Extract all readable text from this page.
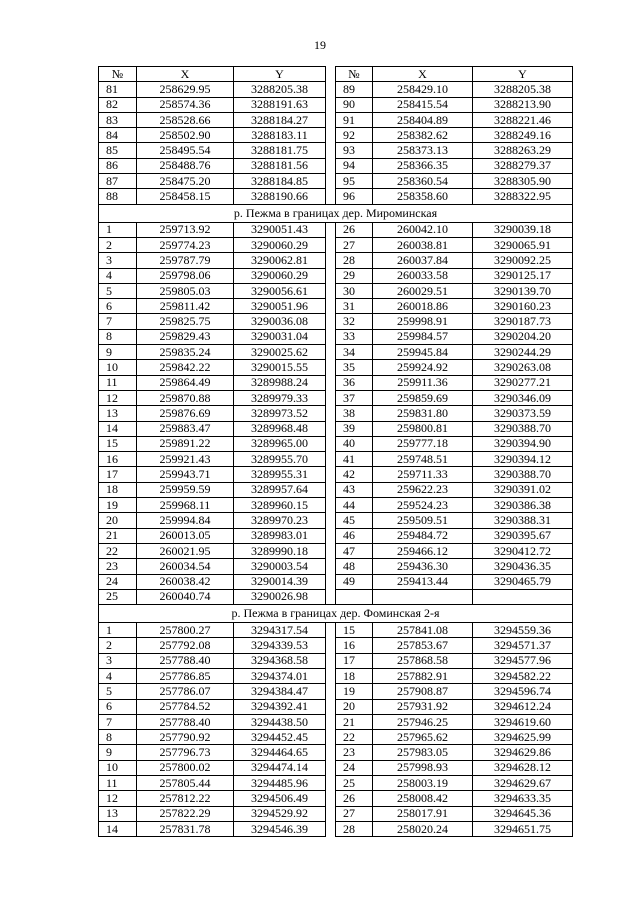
19
№	X	Y		№	X	Y
81	258629.95	3288205.38		89	258429.10	3288205.38
82	258574.36	3288191.63		90	258415.54	3288213.90
83	258528.66	3288184.27		91	258404.89	3288221.46
84	258502.90	3288183.11		92	258382.62	3288249.16
85	258495.54	3288181.75		93	258373.13	3288263.29
86	258488.76	3288181.56		94	258366.35	3288279.37
87	258475.20	3288184.85		95	258360.54	3288305.90
88	258458.15	3288190.66		96	258358.60	3288322.95
р. Пежма в границах дер. Мироминская						
1	259713.92	3290051.43		26	260042.10	3290039.18
2	259774.23	3290060.29		27	260038.81	3290065.91
3	259787.79	3290062.81		28	260037.84	3290092.25
4	259798.06	3290060.29		29	260033.58	3290125.17
5	259805.03	3290056.61		30	260029.51	3290139.70
6	259811.42	3290051.96		31	260018.86	3290160.23
7	259825.75	3290036.08		32	259998.91	3290187.73
8	259829.43	3290031.04		33	259984.57	3290204.20
9	259835.24	3290025.62		34	259945.84	3290244.29
10	259842.22	3290015.55		35	259924.92	3290263.08
11	259864.49	3289988.24		36	259911.36	3290277.21
12	259870.88	3289979.33		37	259859.69	3290346.09
13	259876.69	3289973.52		38	259831.80	3290373.59
14	259883.47	3289968.48		39	259800.81	3290388.70
15	259891.22	3289965.00		40	259777.18	3290394.90
16	259921.43	3289955.70		41	259748.51	3290394.12
17	259943.71	3289955.31		42	259711.33	3290388.70
18	259959.59	3289957.64		43	259622.23	3290391.02
19	259968.11	3289960.15		44	259524.23	3290386.38
20	259994.84	3289970.23		45	259509.51	3290388.31
21	260013.05	3289983.01		46	259484.72	3290395.67
22	260021.95	3289990.18		47	259466.12	3290412.72
23	260034.54	3290003.54		48	259436.30	3290436.35
24	260038.42	3290014.39		49	259413.44	3290465.79
25	260040.74	3290026.98				
р. Пежма в границах дер. Фоминская 2-я						
1	257800.27	3294317.54		15	257841.08	3294559.36
2	257792.08	3294339.53		16	257853.67	3294571.37
3	257788.40	3294368.58		17	257868.58	3294577.96
4	257786.85	3294374.01		18	257882.91	3294582.22
5	257786.07	3294384.47		19	257908.87	3294596.74
6	257784.52	3294392.41		20	257931.92	3294612.24
7	257788.40	3294438.50		21	257946.25	3294619.60
8	257790.92	3294452.45		22	257965.62	3294625.99
9	257796.73	3294464.65		23	257983.05	3294629.86
10	257800.02	3294474.14		24	257998.93	3294628.12
11	257805.44	3294485.96		25	258003.19	3294629.67
12	257812.22	3294506.49		26	258008.42	3294633.35
13	257822.29	3294529.92		27	258017.91	3294645.36
14	257831.78	3294546.39		28	258020.24	3294651.75
